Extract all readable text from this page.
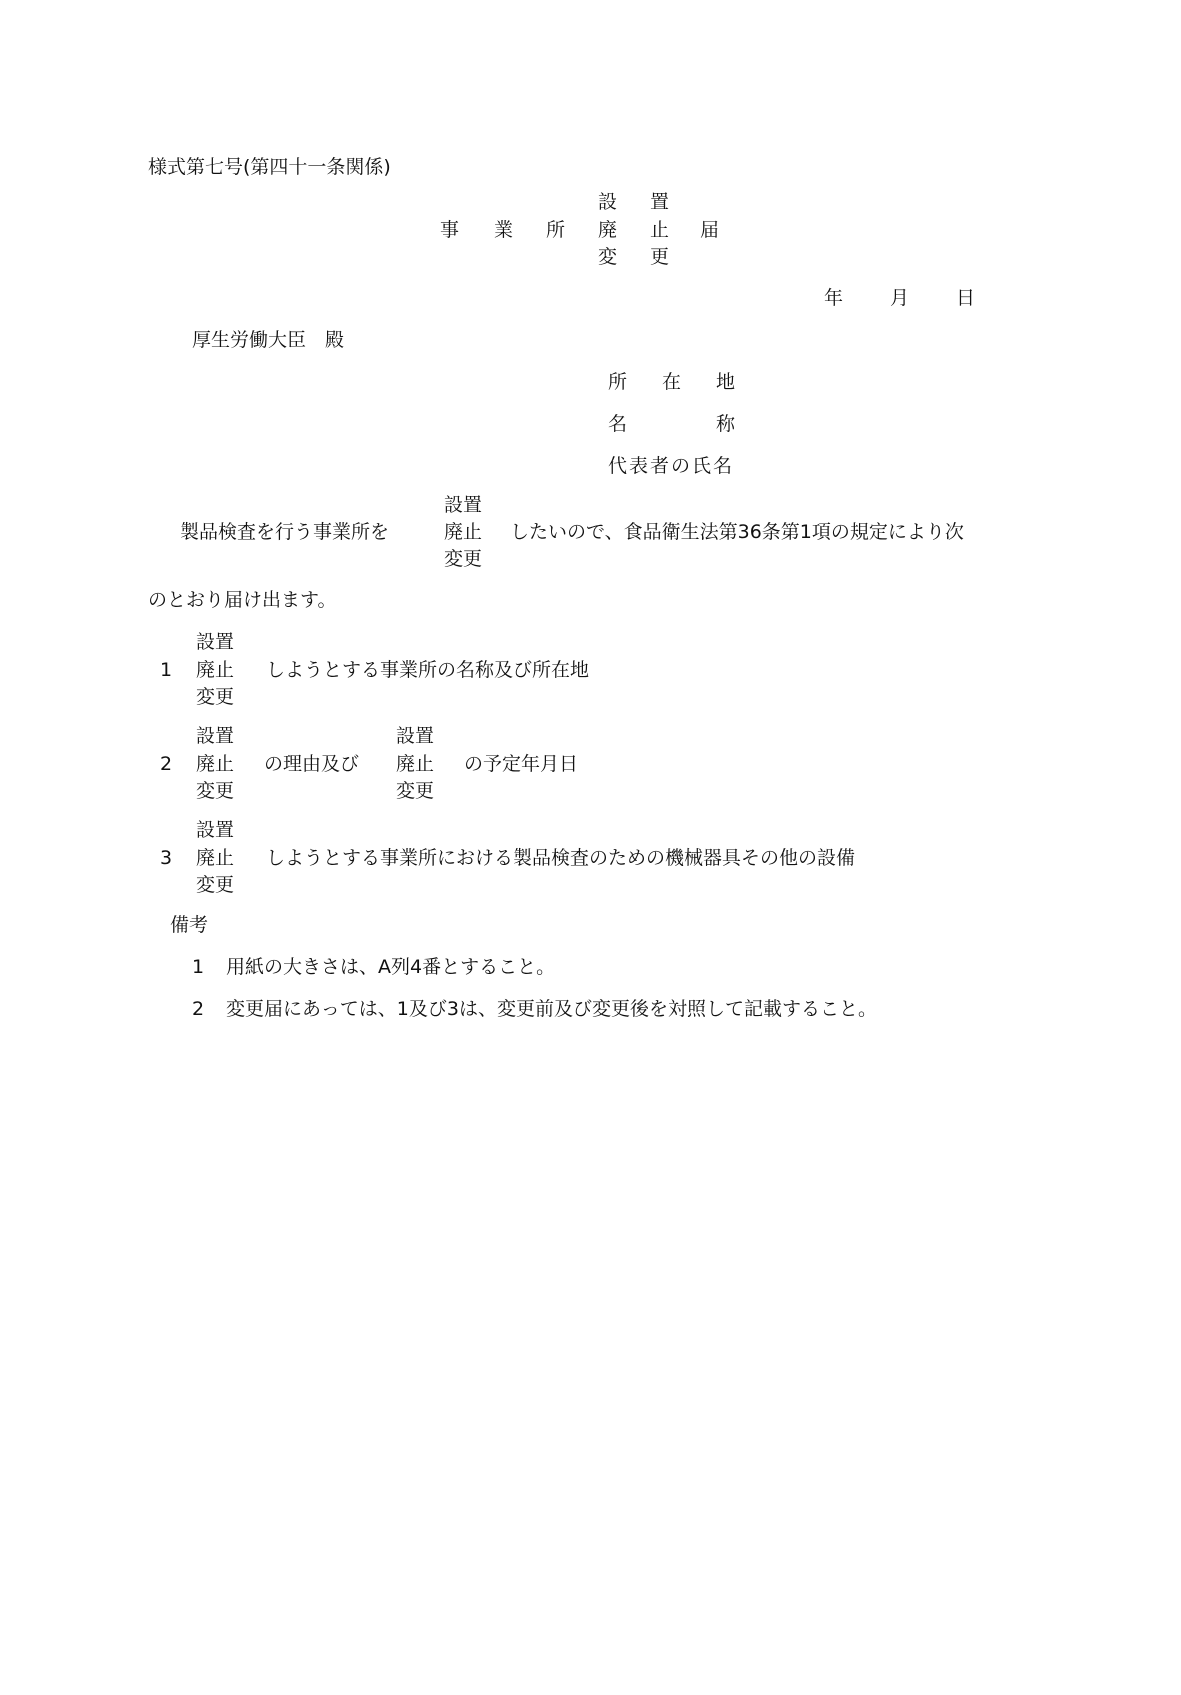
様式第七号(第四十一条関係)
事 業 所
設 置
廃 止
変 更
届
年 月 日
厚生労働大臣　殿
所 在 地
名	称
代表者の氏名
製品検査を行う事業所を
設置
廃止
変更
したいので、食品衛生法第36条第1項の規定により次
のとおり届け出ます。
1
設置
廃止
変更
しようとする事業所の名称及び所在地
2
設置
廃止
変更
の理由及び
設置
廃止
変更
の予定年月日
3
設置
廃止
変更
しようとする事業所における製品検査のための機械器具その他の設備
備考
1 用紙の大きさは、A列4番とすること。
2 変更届にあっては、1及び3は、変更前及び変更後を対照して記載すること。
